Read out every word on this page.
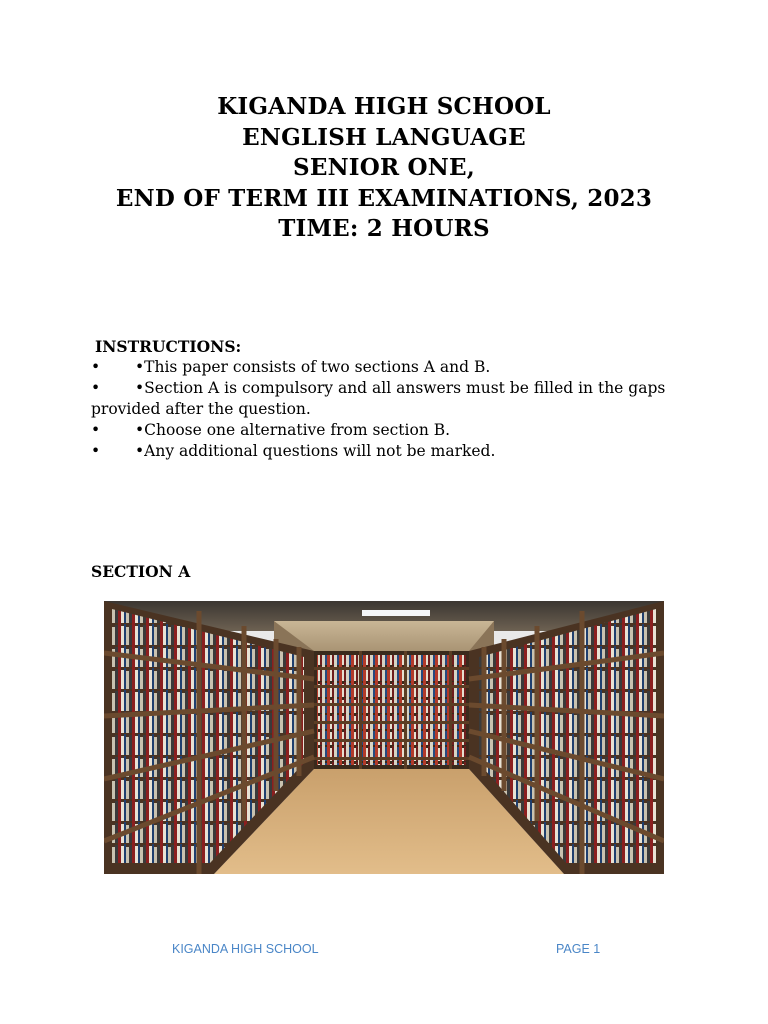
KIGANDA HIGH SCHOOL
ENGLISH LANGUAGE
SENIOR ONE,
END OF TERM III EXAMINATIONS, 2023
TIME: 2 HOURS
INSTRUCTIONS:
• •This paper consists of two sections A and B.
• •Section A is compulsory and all answers must be filled in the gaps
provided after the question.
• •Choose one alternative from section B.
• •Any additional questions will not be marked.
SECTION A
KIGANDA HIGH SCHOOL	PAGE 1
